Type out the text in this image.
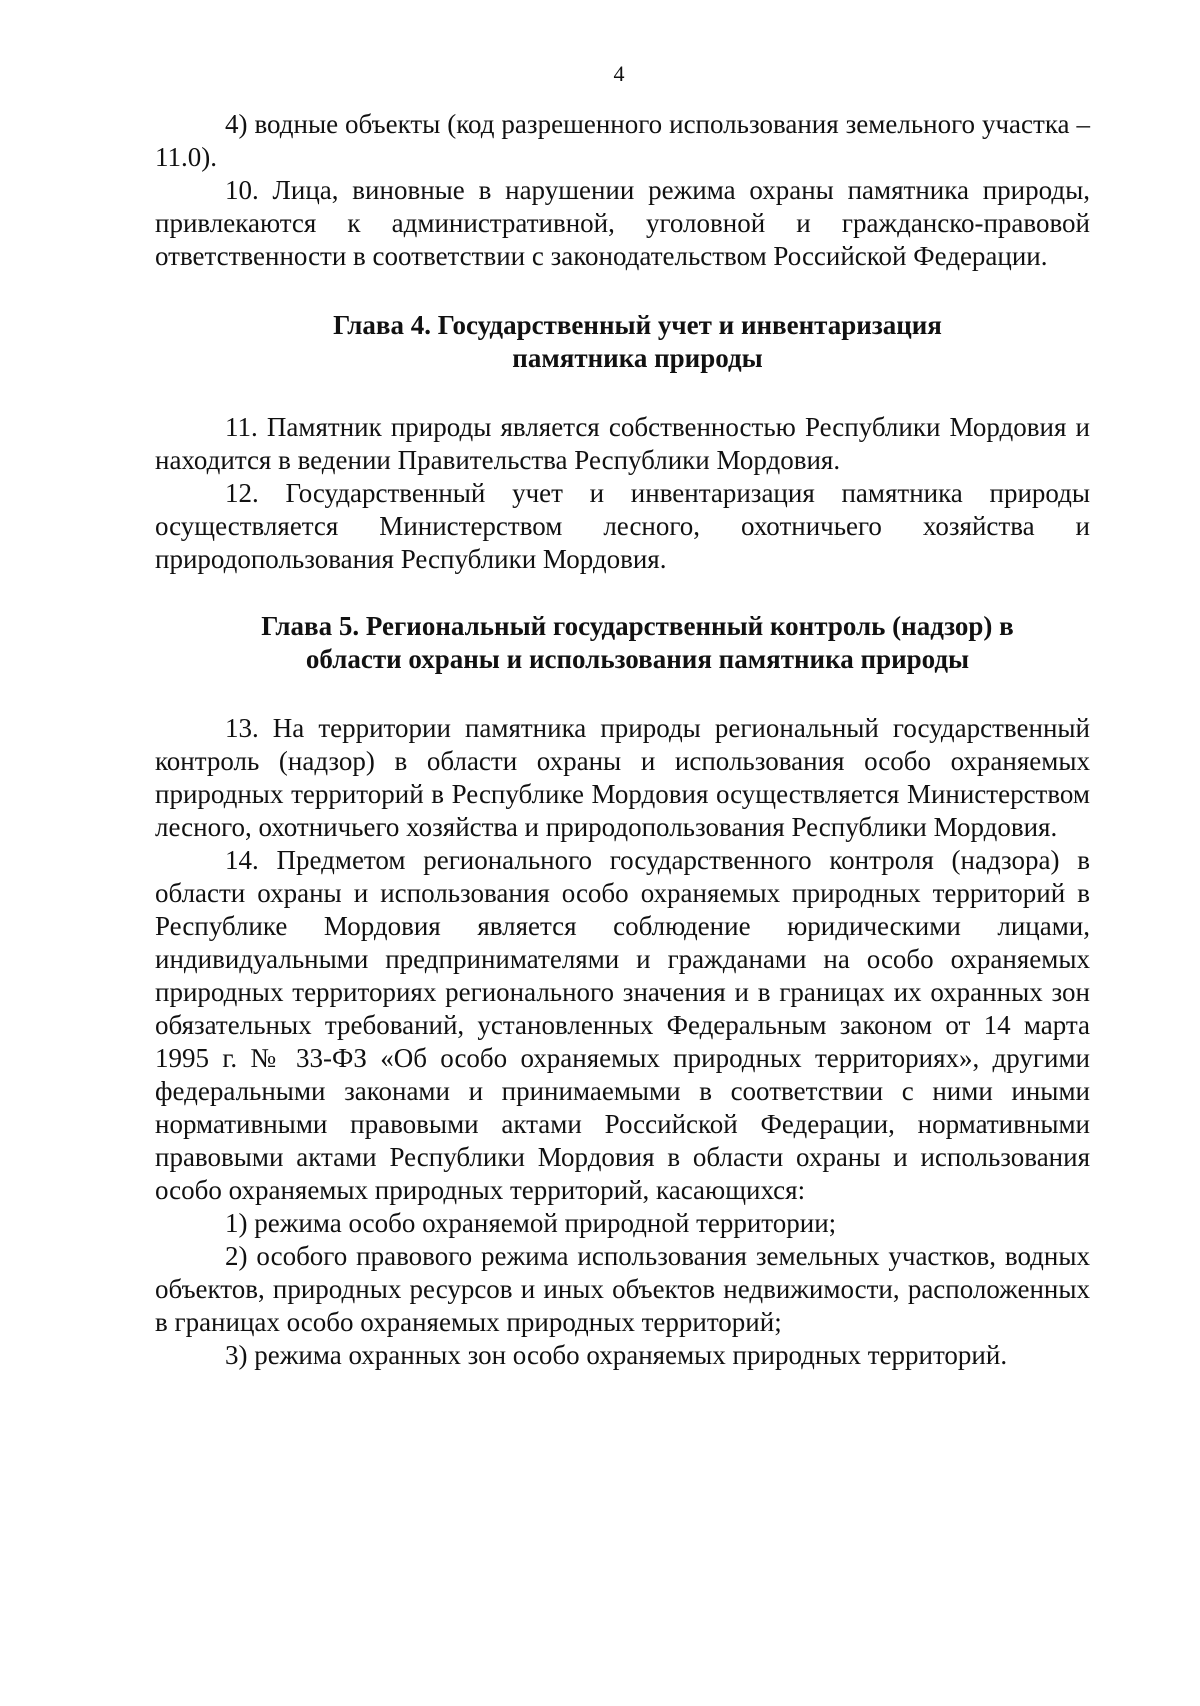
4

4) водные объекты (код разрешенного использования земельного участка – 11.0).

10. Лица, виновные в нарушении режима охраны памятника природы, привлекаются к административной, уголовной и гражданско-правовой ответственности в соответствии с законодательством Российской Федерации.

Глава 4. Государственный учет и инвентаризация
памятника природы

11. Памятник природы является собственностью Республики Мордовия и находится в ведении Правительства Республики Мордовия.

12. Государственный учет и инвентаризация памятника природы осуществляется Министерством лесного, охотничьего хозяйства и природопользования Республики Мордовия.

Глава 5. Региональный государственный контроль (надзор) в
области охраны и использования памятника природы

13. На территории памятника природы региональный государственный контроль (надзор) в области охраны и использования особо охраняемых природных территорий в Республике Мордовия осуществляется Министерством лесного, охотничьего хозяйства и природопользования Республики Мордовия.

14. Предметом регионального государственного контроля (надзора) в области охраны и использования особо охраняемых природных территорий в Республике Мордовия является соблюдение юридическими лицами, индивидуальными предпринимателями и гражданами на особо охраняемых природных территориях регионального значения и в границах их охранных зон обязательных требований, установленных Федеральным законом от 14 марта 1995 г. № 33-ФЗ «Об особо охраняемых природных территориях», другими федеральными законами и принимаемыми в соответствии с ними иными нормативными правовыми актами Российской Федерации, нормативными правовыми актами Республики Мордовия в области охраны и использования особо охраняемых природных территорий, касающихся:

1) режима особо охраняемой природной территории;

2) особого правового режима использования земельных участков, водных объектов, природных ресурсов и иных объектов недвижимости, расположенных в границах особо охраняемых природных территорий;

3) режима охранных зон особо охраняемых природных территорий.
